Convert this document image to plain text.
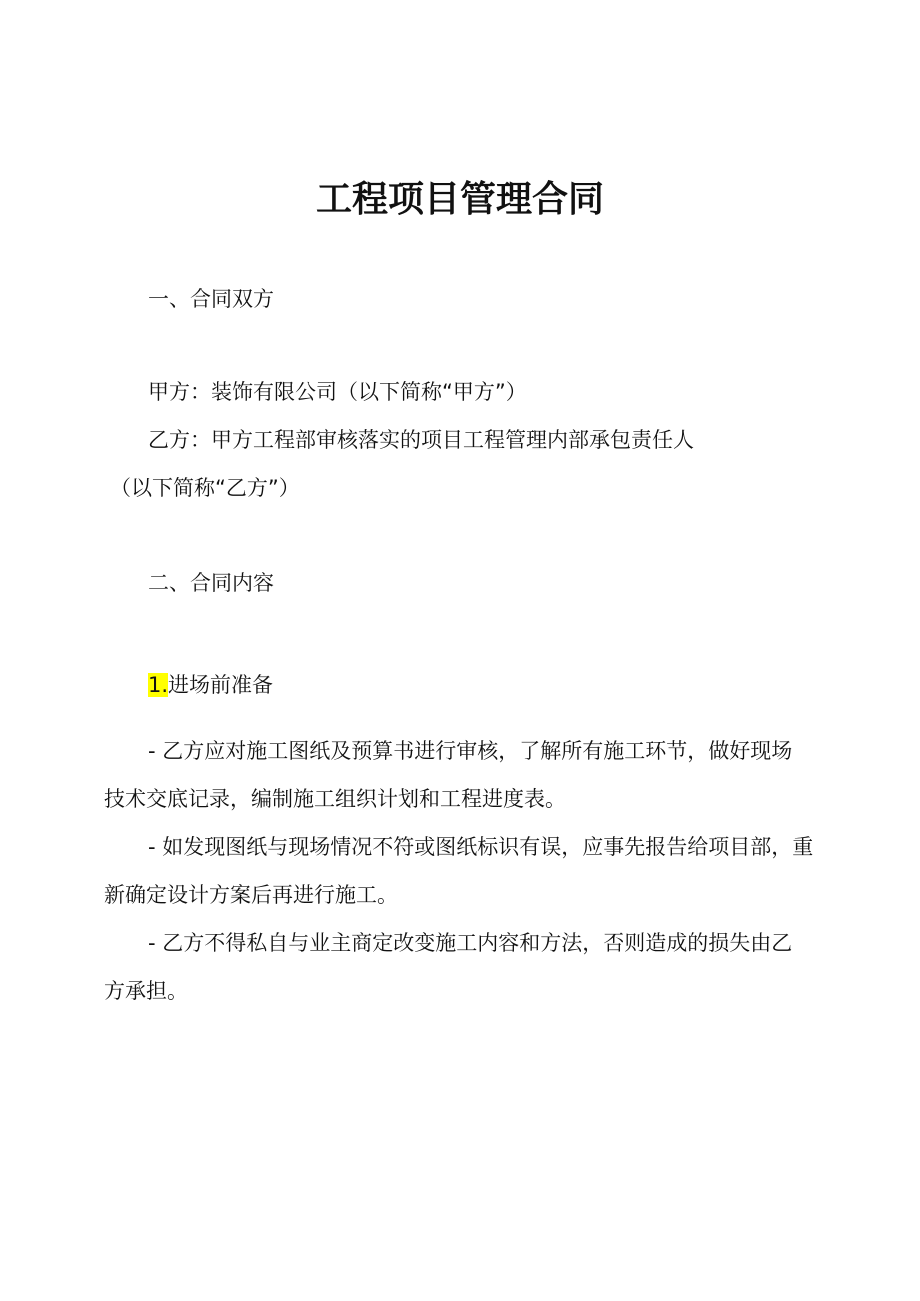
工程项目管理合同
一、合同双方
甲方：装饰有限公司（以下简称“甲方”）
乙方：甲方工程部审核落实的项目工程管理内部承包责任人
（以下简称“乙方”）
二、合同内容
1.进场前准备
- 乙方应对施工图纸及预算书进行审核，了解所有施工环节，做好现场
技术交底记录，编制施工组织计划和工程进度表。
- 如发现图纸与现场情况不符或图纸标识有误，应事先报告给项目部，重
新确定设计方案后再进行施工。
- 乙方不得私自与业主商定改变施工内容和方法，否则造成的损失由乙
方承担。
